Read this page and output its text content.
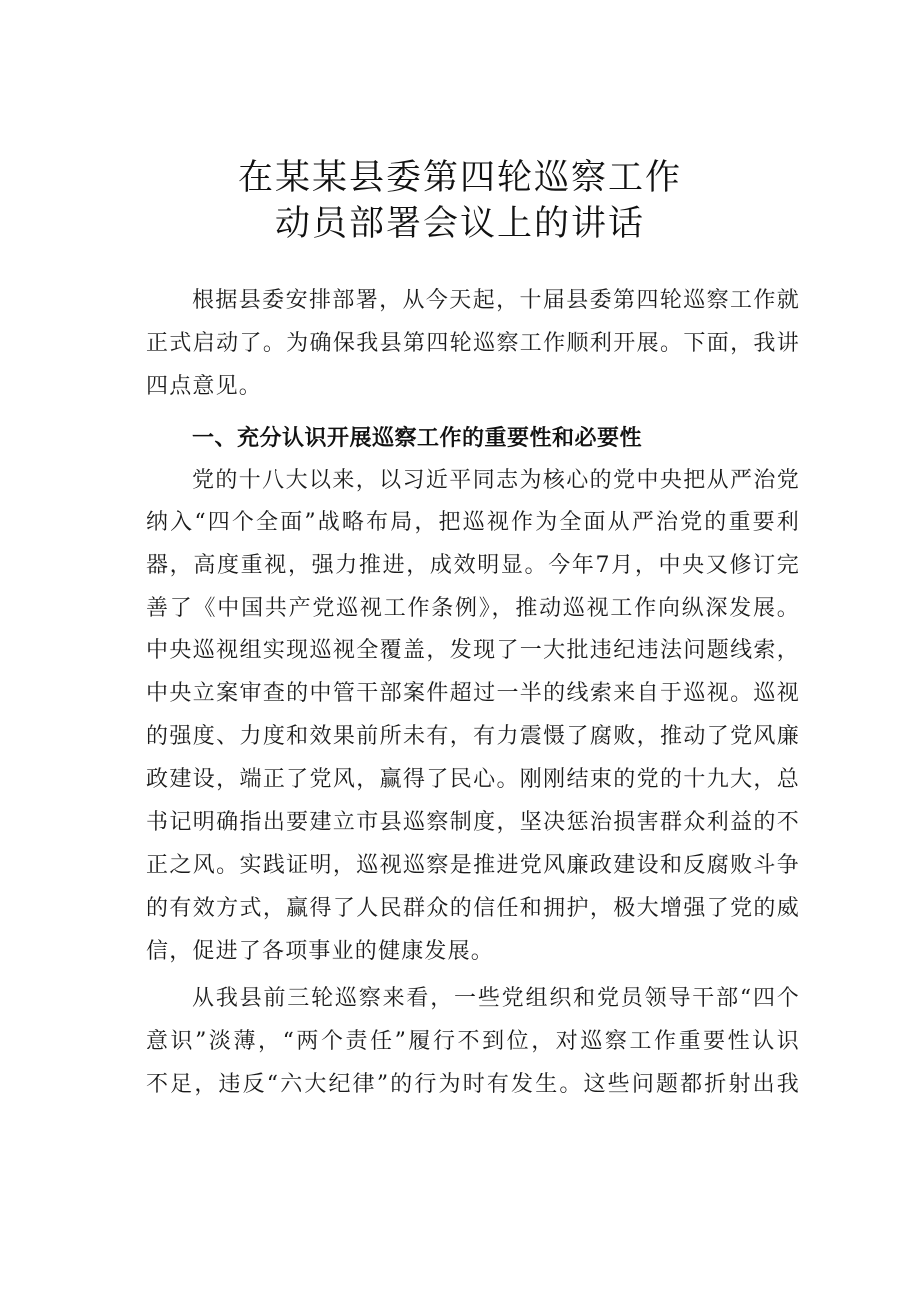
在某某县委第四轮巡察工作
动员部署会议上的讲话
根据县委安排部署，从今天起，十届县委第四轮巡察工作就
正式启动了。为确保我县第四轮巡察工作顺利开展。下面，我讲
四点意见。
一、充分认识开展巡察工作的重要性和必要性
党的十八大以来，以习近平同志为核心的党中央把从严治党
纳入“四个全面”战略布局，把巡视作为全面从严治党的重要利
器，高度重视，强力推进，成效明显。今年7月，中央又修订完
善了《中国共产党巡视工作条例》，推动巡视工作向纵深发展。
中央巡视组实现巡视全覆盖，发现了一大批违纪违法问题线索，
中央立案审查的中管干部案件超过一半的线索来自于巡视。巡视
的强度、力度和效果前所未有，有力震慑了腐败，推动了党风廉
政建设，端正了党风，赢得了民心。刚刚结束的党的十九大，总
书记明确指出要建立市县巡察制度，坚决惩治损害群众利益的不
正之风。实践证明，巡视巡察是推进党风廉政建设和反腐败斗争
的有效方式，赢得了人民群众的信任和拥护，极大增强了党的威
信，促进了各项事业的健康发展。
从我县前三轮巡察来看，一些党组织和党员领导干部“四个
意识”淡薄，“两个责任”履行不到位，对巡察工作重要性认识
不足，违反“六大纪律”的行为时有发生。这些问题都折射出我
